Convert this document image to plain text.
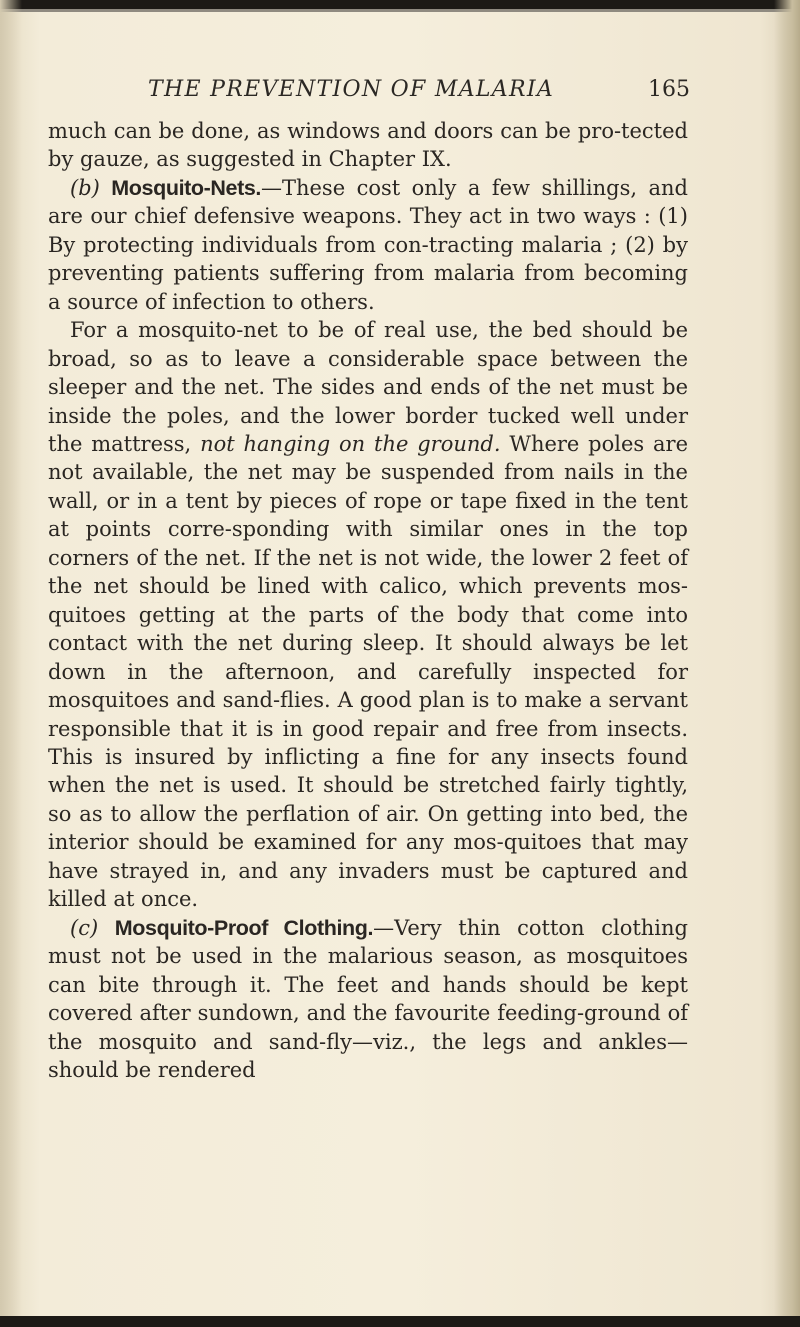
THE PREVENTION OF MALARIA	165

much can be done, as windows and doors can be pro-tected by gauze, as suggested in Chapter IX.

(b) Mosquito-Nets.—These cost only a few shillings, and are our chief defensive weapons. They act in two ways : (1) By protecting individuals from con-tracting malaria ; (2) by preventing patients suffering from malaria from becoming a source of infection to others.

For a mosquito-net to be of real use, the bed should be broad, so as to leave a considerable space between the sleeper and the net. The sides and ends of the net must be inside the poles, and the lower border tucked well under the mattress, not hanging on the ground. Where poles are not available, the net may be suspended from nails in the wall, or in a tent by pieces of rope or tape fixed in the tent at points corre-sponding with similar ones in the top corners of the net. If the net is not wide, the lower 2 feet of the net should be lined with calico, which prevents mos-quitoes getting at the parts of the body that come into contact with the net during sleep. It should always be let down in the afternoon, and carefully inspected for mosquitoes and sand-flies. A good plan is to make a servant responsible that it is in good repair and free from insects. This is insured by inflicting a fine for any insects found when the net is used. It should be stretched fairly tightly, so as to allow the perflation of air. On getting into bed, the interior should be examined for any mos-quitoes that may have strayed in, and any invaders must be captured and killed at once.

(c) Mosquito-Proof Clothing.—Very thin cotton clothing must not be used in the malarious season, as mosquitoes can bite through it. The feet and hands should be kept covered after sundown, and the favourite feeding-ground of the mosquito and sand-fly—viz., the legs and ankles—should be rendered
